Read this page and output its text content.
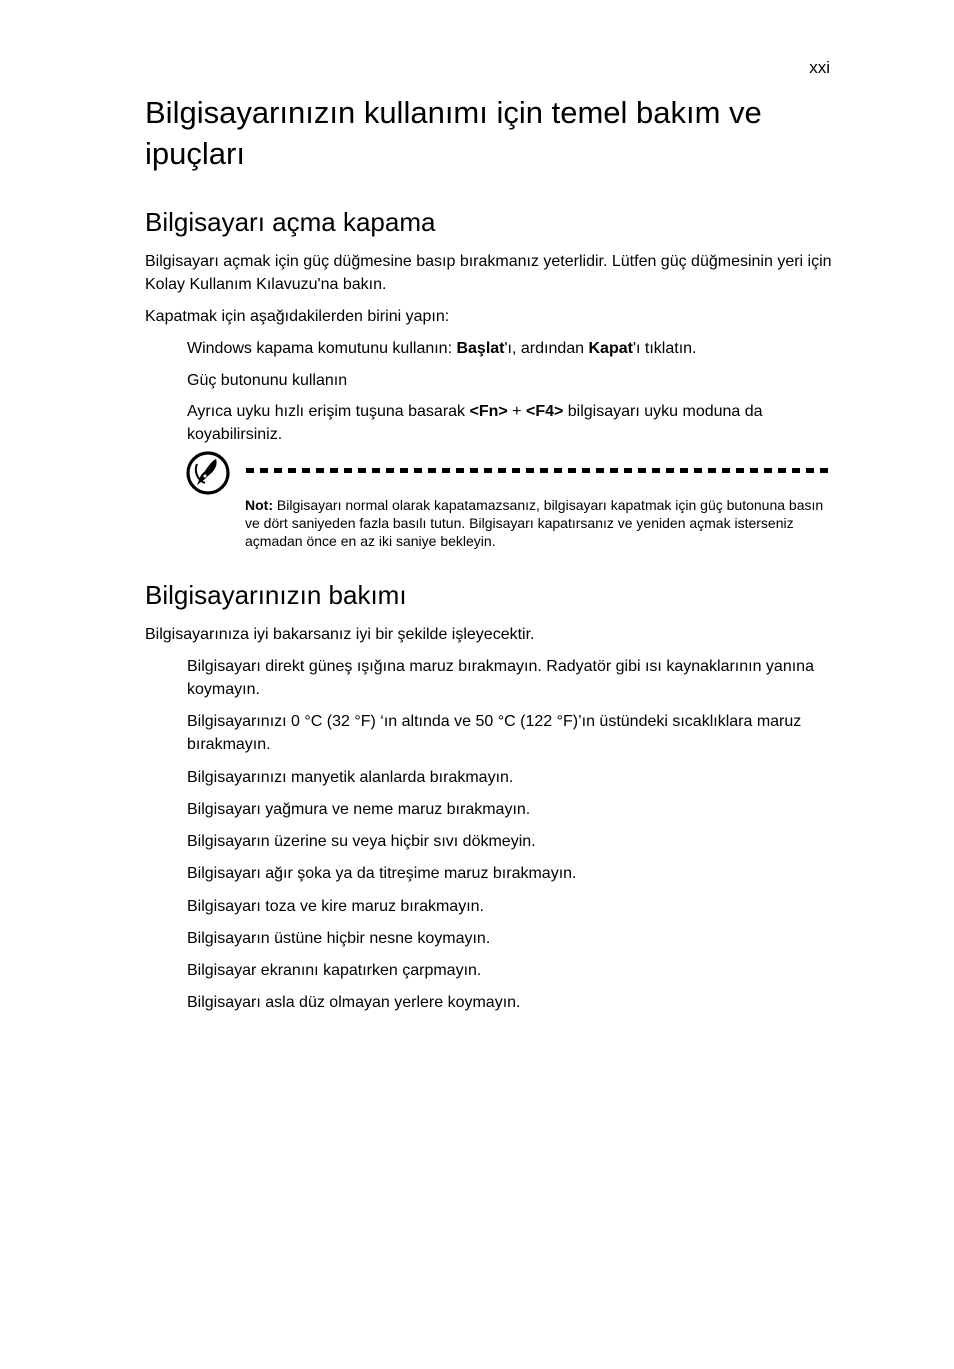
xxi
Bilgisayarınızın kullanımı için temel bakım ve ipuçları
Bilgisayarı açma kapama

Bilgisayarı açmak için güç düğmesine basıp bırakmanız yeterlidir. Lütfen güç düğmesinin yeri için Kolay Kullanım Kılavuzu'na bakın.

Kapatmak için aşağıdakilerden birini yapın:

Windows kapama komutunu kullanın: Başlat'ı, ardından Kapat'ı tıklatın.

Güç butonunu kullanın

Ayrıca uyku hızlı erişim tuşuna basarak <Fn> + <F4> bilgisayarı uyku moduna da koyabilirsiniz.

Not: Bilgisayarı normal olarak kapatamazsanız, bilgisayarı kapatmak için güç butonuna basın ve dört saniyeden fazla basılı tutun. Bilgisayarı kapatırsanız ve yeniden açmak isterseniz açmadan önce en az iki saniye bekleyin.

Bilgisayarınızın bakımı

Bilgisayarınıza iyi bakarsanız iyi bir şekilde işleyecektir.

Bilgisayarı direkt güneş ışığına maruz bırakmayın. Radyatör gibi ısı kaynaklarının yanına koymayın.

Bilgisayarınızı 0 °C (32 °F) ‘ın altında ve 50 °C (122 °F)’ın üstündeki sıcaklıklara maruz bırakmayın.

Bilgisayarınızı manyetik alanlarda bırakmayın.

Bilgisayarı yağmura ve neme maruz bırakmayın.

Bilgisayarın üzerine su veya hiçbir sıvı dökmeyin.

Bilgisayarı ağır şoka ya da titreşime maruz bırakmayın.

Bilgisayarı toza ve kire maruz bırakmayın.

Bilgisayarın üstüne hiçbir nesne koymayın.

Bilgisayar ekranını kapatırken çarpmayın.

Bilgisayarı asla düz olmayan yerlere koymayın.
